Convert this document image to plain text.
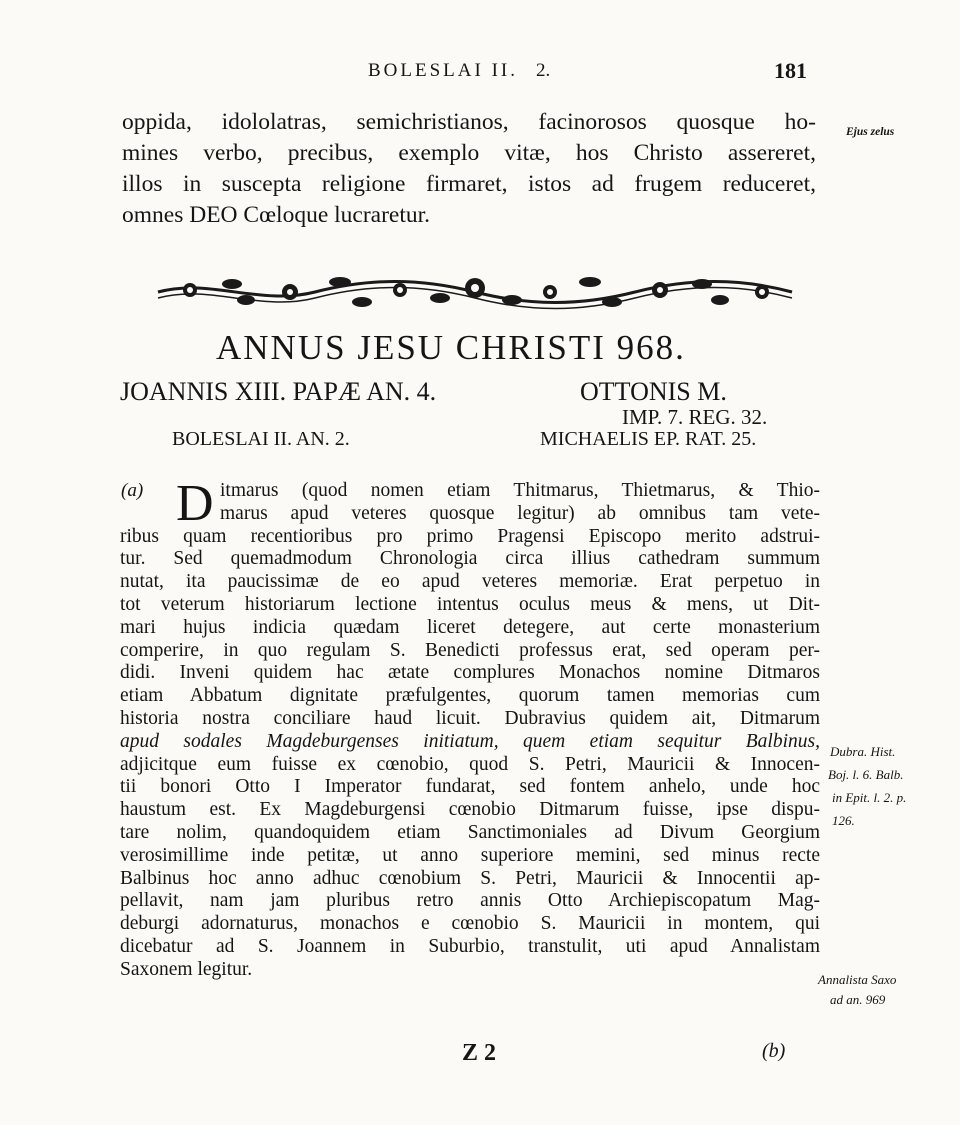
BOLESLAI II. 2.	181
oppida, idololatras, semichristianos, facinorosos quosque ho-
mines verbo, precibus, exemplo vitæ, hos Christo assereret,
illos in suscepta religione firmaret, istos ad frugem reduceret,
omnes DEO Cœloque lucraretur.
Ejus zelus
ANNUS JESU CHRISTI 968.
JOANNIS XIII. PAPÆ AN. 4.	OTTONIS M.
IMP. 7. REG. 32.
BOLESLAI II. AN. 2.	MICHAELIS EP. RAT. 25.
(a) D itmarus (quod nomen etiam Thitmarus, Thietmarus, & Thio-
marus apud veteres quosque legitur) ab omnibus tam vete-
ribus quam recentioribus pro primo Pragensi Episcopo merito adstrui-
tur. Sed quemadmodum Chronologia circa illius cathedram summum
nutat, ita paucissimæ de eo apud veteres memoriæ. Erat perpetuo in
tot veterum historiarum lectione intentus oculus meus & mens, ut Dit-
mari hujus indicia quædam liceret detegere, aut certe monasterium
comperire, in quo regulam S. Benedicti professus erat, sed operam per-
didi. Inveni quidem hac ætate complures Monachos nomine Ditmaros
etiam Abbatum dignitate præfulgentes, quorum tamen memorias cum
historia nostra conciliare haud licuit. Dubravius quidem ait, Ditmarum
apud sodales Magdeburgenses initiatum, quem etiam sequitur Balbinus,
adjicitque eum fuisse ex cœnobio, quod S. Petri, Mauricii & Innocen-
tii bonori Otto I Imperator fundarat, sed fontem anhelo, unde hoc
haustum est. Ex Magdeburgensi cœnobio Ditmarum fuisse, ipse dispu-
tare nolim, quandoquidem etiam Sanctimoniales ad Divum Georgium
verosimillime inde petitæ, ut anno superiore memini, sed minus recte
Balbinus hoc anno adhuc cœnobium S. Petri, Mauricii & Innocentii ap-
pellavit, nam jam pluribus retro annis Otto Archiepiscopatum Mag-
deburgi adornaturus, monachos e cœnobio S. Mauricii in montem, qui
dicebatur ad S. Joannem in Suburbio, transtulit, uti apud Annalistam
Saxonem legitur.
Dubra. Hist.
Boj. l. 6. Balb.
in Epit. l. 2. p.
126.
Annalista Saxo
ad an. 969
Z 2	(b)
